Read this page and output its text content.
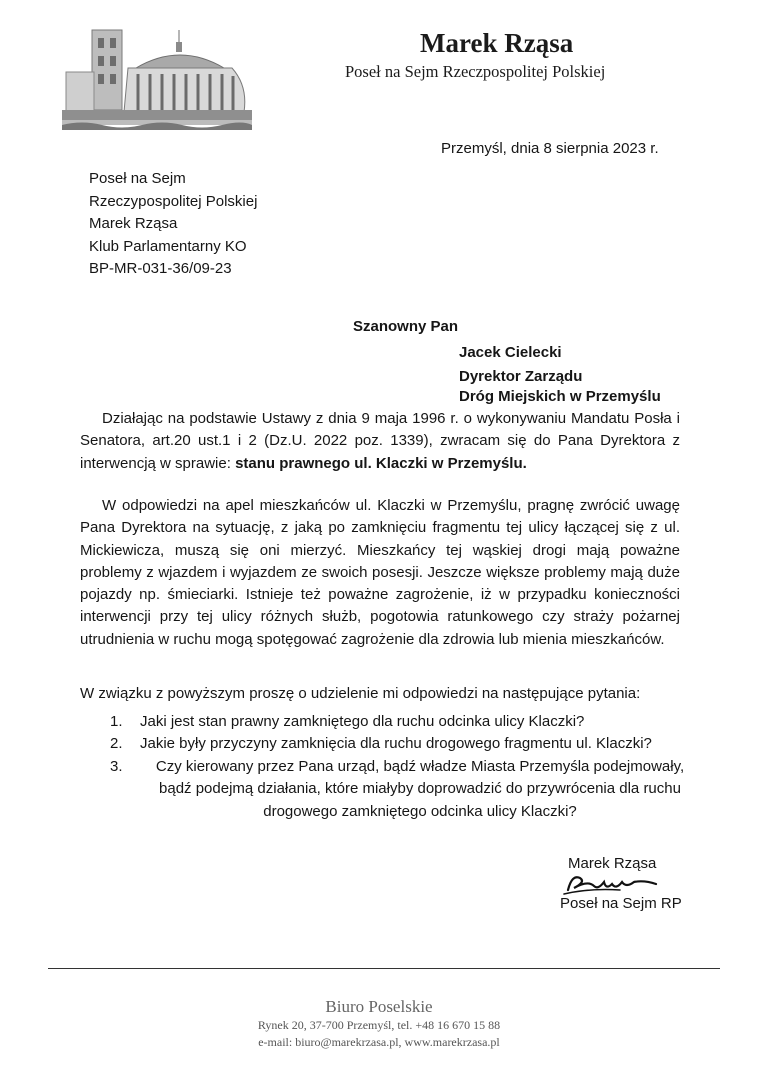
Marek Rząsa
Poseł na Sejm Rzeczpospolitej Polskiej
Przemyśl, dnia 8 sierpnia 2023 r.
Poseł na Sejm
Rzeczypospolitej Polskiej
Marek Rząsa
Klub Parlamentarny KO
BP-MR-031-36/09-23
Szanowny Pan
Jacek Cielecki
Dyrektor Zarządu
Dróg Miejskich w Przemyślu
Działając na podstawie Ustawy z dnia 9 maja 1996 r. o wykonywaniu Mandatu Posła i Senatora, art.20 ust.1 i 2 (Dz.U. 2022 poz. 1339), zwracam się do Pana Dyrektora z interwencją w sprawie: stanu prawnego ul. Klaczki w Przemyślu.
W odpowiedzi na apel mieszkańców ul. Klaczki w Przemyślu, pragnę zwrócić uwagę Pana Dyrektora na sytuację, z jaką po zamknięciu fragmentu tej ulicy łączącej się z ul. Mickiewicza, muszą się oni mierzyć. Mieszkańcy tej wąskiej drogi mają poważne problemy z wjazdem i wyjazdem ze swoich posesji. Jeszcze większe problemy mają duże pojazdy np. śmieciarki. Istnieje też poważne zagrożenie, iż w przypadku konieczności interwencji przy tej ulicy różnych służb, pogotowia ratunkowego czy straży pożarnej utrudnienia w ruchu mogą spotęgować zagrożenie dla zdrowia lub mienia mieszkańców.
W związku z powyższym proszę o udzielenie mi odpowiedzi na następujące pytania:
1.	Jaki jest stan prawny zamkniętego dla ruchu odcinka ulicy Klaczki?
2.	Jakie były przyczyny zamknięcia dla ruchu drogowego fragmentu ul. Klaczki?
3.	Czy kierowany przez Pana urząd, bądź władze Miasta Przemyśla podejmowały, bądź podejmą działania, które miałyby doprowadzić do przywrócenia dla ruchu drogowego zamkniętego odcinka ulicy Klaczki?
Marek Rząsa
Poseł na Sejm RP
Biuro Poselskie
Rynek 20, 37-700 Przemyśl, tel. +48 16 670 15 88
e-mail: biuro@marekrzasa.pl, www.marekrzasa.pl
